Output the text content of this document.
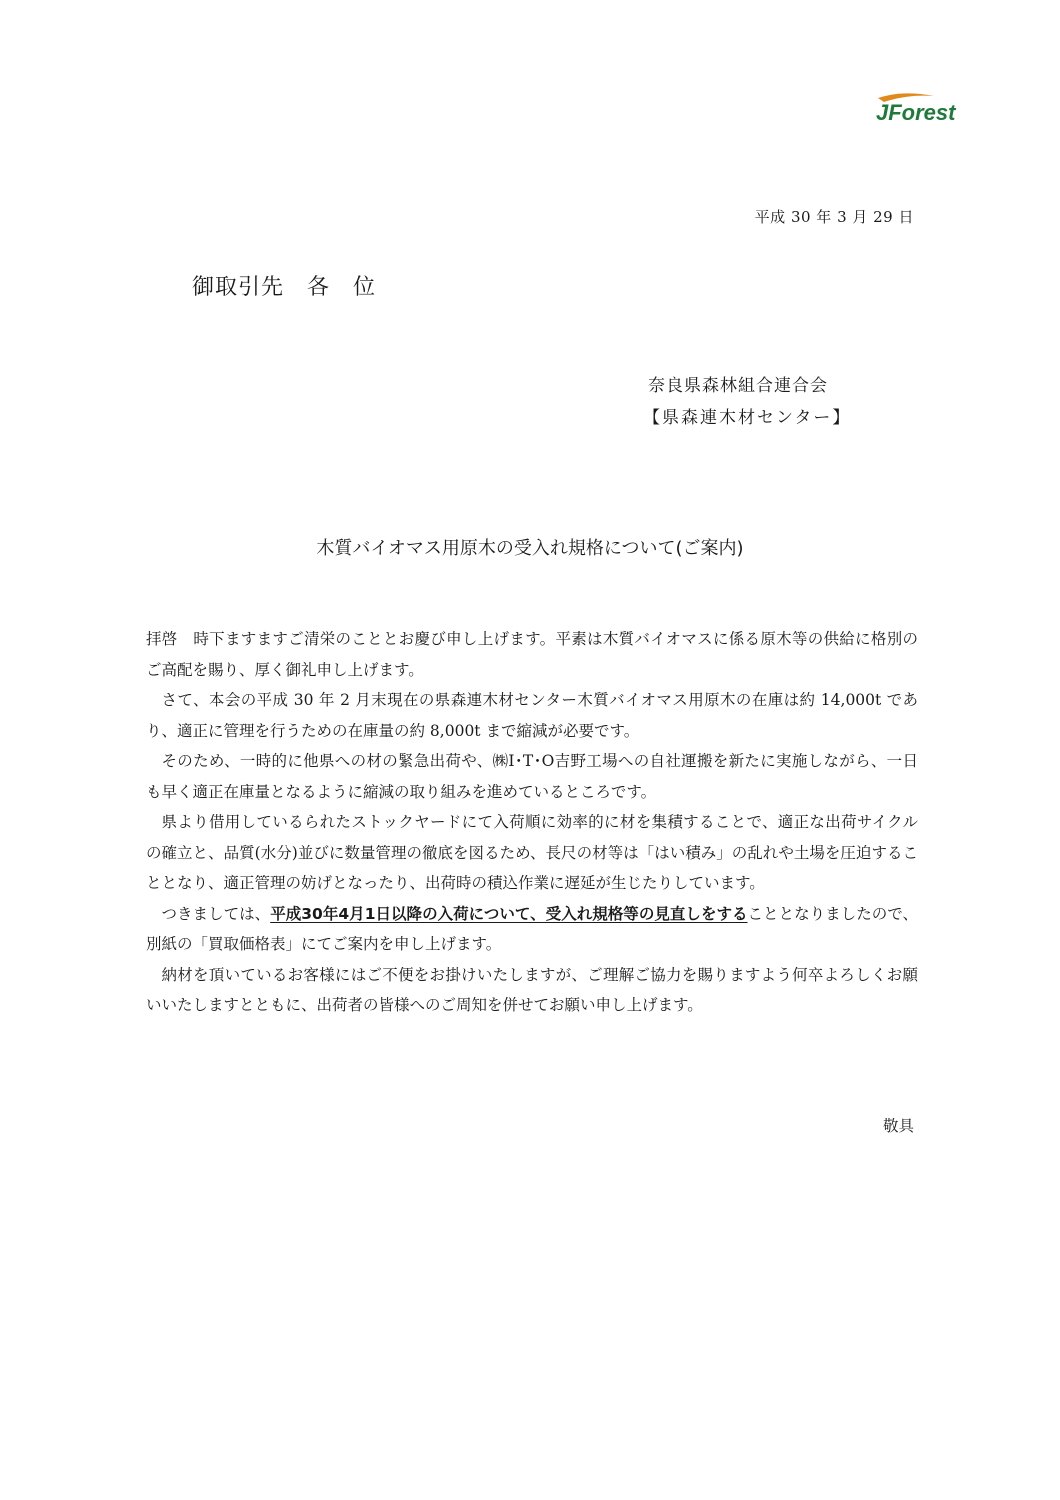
JForest
平成 30 年 3 月 29 日
御取引先　各　位
奈良県森林組合連合会
【県森連木材センター】
木質バイオマス用原木の受入れ規格について(ご案内)

拝啓　時下ますますご清栄のこととお慶び申し上げます。平素は木質バイオマスに係る原木等の供給に格別のご高配を賜り、厚く御礼申し上げます。

さて、本会の平成 30 年 2 月末現在の県森連木材センター木質バイオマス用原木の在庫は約 14,000t であり、適正に管理を行うための在庫量の約 8,000t まで縮減が必要です。

そのため、一時的に他県への材の緊急出荷や、㈱I･T･O吉野工場への自社運搬を新たに実施しながら、一日も早く適正在庫量となるように縮減の取り組みを進めているところです。

県より借用しているられたストックヤードにて入荷順に効率的に材を集積することで、適正な出荷サイクルの確立と、品質(水分)並びに数量管理の徹底を図るため、長尺の材等は「はい積み」の乱れや土場を圧迫することとなり、適正管理の妨げとなったり、出荷時の積込作業に遅延が生じたりしています。

つきましては、平成30年4月1日以降の入荷について、受入れ規格等の見直しをすることとなりましたので、別紙の「買取価格表」にてご案内を申し上げます。

納材を頂いているお客様にはご不便をお掛けいたしますが、ご理解ご協力を賜りますよう何卒よろしくお願いいたしますとともに、出荷者の皆様へのご周知を併せてお願い申し上げます。

敬具
